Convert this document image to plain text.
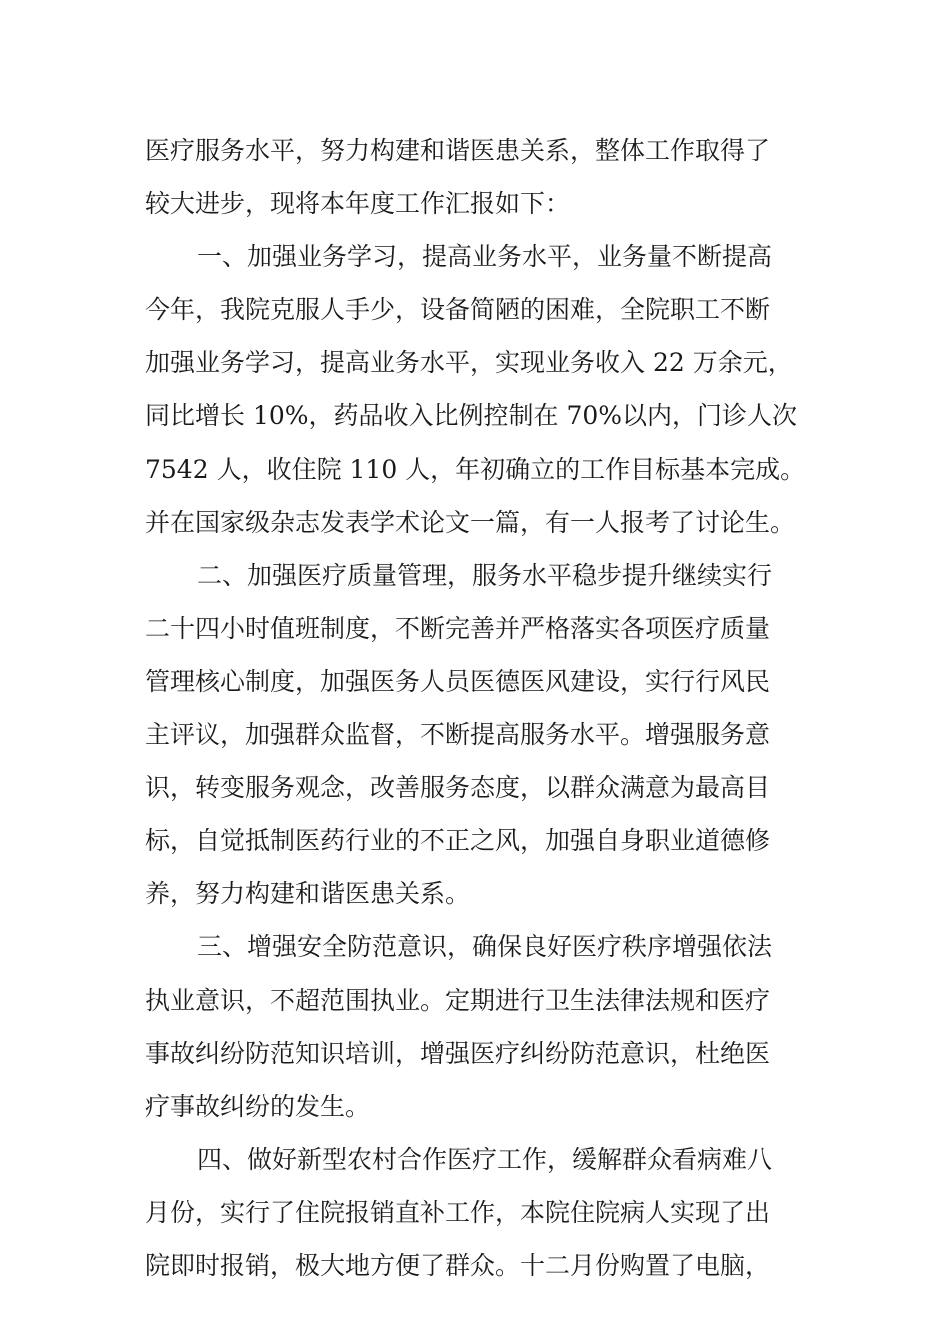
医疗服务水平，努力构建和谐医患关系，整体工作取得了
较大进步，现将本年度工作汇报如下：
一、加强业务学习，提高业务水平，业务量不断提高
今年，我院克服人手少，设备简陋的困难，全院职工不断
加强业务学习，提高业务水平，实现业务收入 22 万余元，
同比增长 10%，药品收入比例控制在 70%以内，门诊人次
7542 人，收住院 110 人，年初确立的工作目标基本完成。
并在国家级杂志发表学术论文一篇，有一人报考了讨论生。
二、加强医疗质量管理，服务水平稳步提升继续实行
二十四小时值班制度，不断完善并严格落实各项医疗质量
管理核心制度，加强医务人员医德医风建设，实行行风民
主评议，加强群众监督，不断提高服务水平。增强服务意
识，转变服务观念，改善服务态度，以群众满意为最高目
标，自觉抵制医药行业的不正之风，加强自身职业道德修
养，努力构建和谐医患关系。
三、增强安全防范意识，确保良好医疗秩序增强依法
执业意识，不超范围执业。定期进行卫生法律法规和医疗
事故纠纷防范知识培训，增强医疗纠纷防范意识，杜绝医
疗事故纠纷的发生。
四、做好新型农村合作医疗工作，缓解群众看病难八
月份，实行了住院报销直补工作，本院住院病人实现了出
院即时报销，极大地方便了群众。十二月份购置了电脑，
